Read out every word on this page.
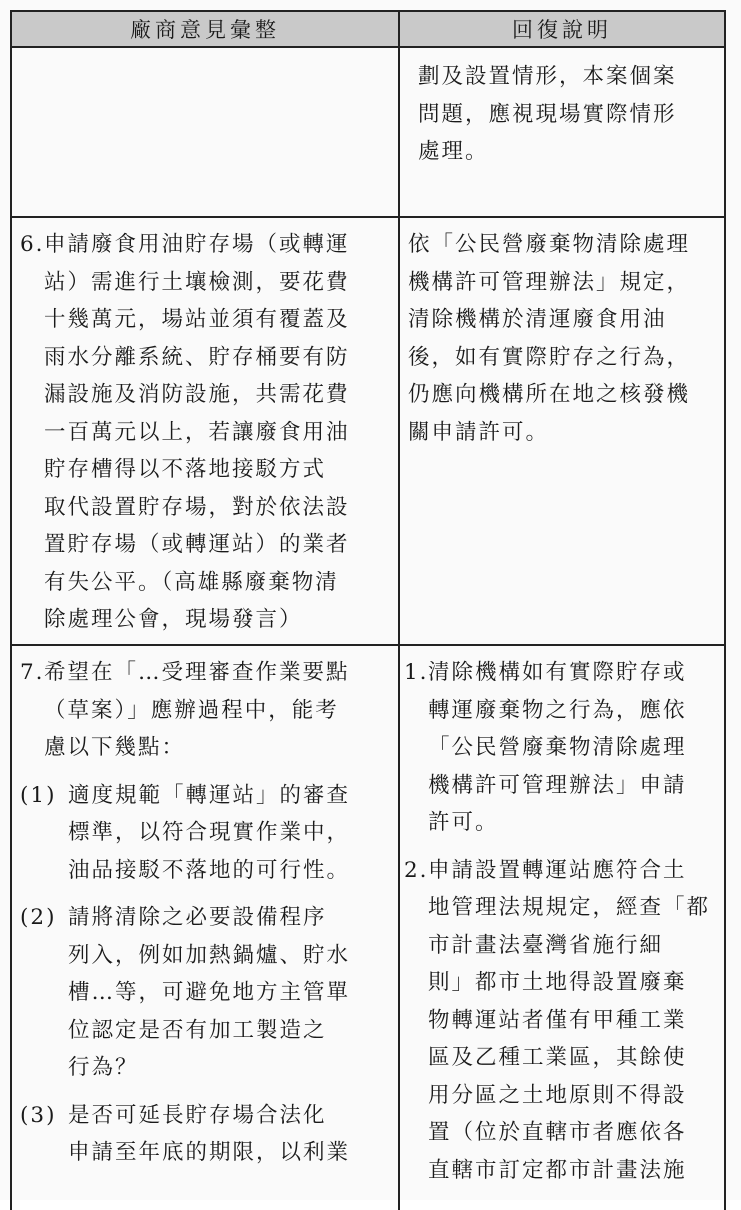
廠商意見彙整	回復說明
劃及設置情形，本案個案
問題，應視現場實際情形
處理。
6.申請廢食用油貯存場（或轉運
站）需進行土壤檢測，要花費
十幾萬元，場站並須有覆蓋及
雨水分離系統、貯存桶要有防
漏設施及消防設施，共需花費
一百萬元以上，若讓廢食用油
貯存槽得以不落地接駁方式
取代設置貯存場，對於依法設
置貯存場（或轉運站）的業者
有失公平。（高雄縣廢棄物清
除處理公會，現場發言）
依「公民營廢棄物清除處理
機構許可管理辦法」規定，
清除機構於清運廢食用油
後，如有實際貯存之行為，
仍應向機構所在地之核發機
關申請許可。
7.希望在「…受理審查作業要點
（草案）」應辦過程中，能考
慮以下幾點：
(1) 適度規範「轉運站」的審查
標準，以符合現實作業中，
油品接駁不落地的可行性。
(2) 請將清除之必要設備程序
列入，例如加熱鍋爐、貯水
槽…等，可避免地方主管單
位認定是否有加工製造之
行為？
(3) 是否可延長貯存場合法化
申請至年底的期限，以利業
1.清除機構如有實際貯存或
轉運廢棄物之行為，應依
「公民營廢棄物清除處理
機構許可管理辦法」申請
許可。
2.申請設置轉運站應符合土
地管理法規規定，經查「都
市計畫法臺灣省施行細
則」都市土地得設置廢棄
物轉運站者僅有甲種工業
區及乙種工業區，其餘使
用分區之土地原則不得設
置（位於直轄市者應依各
直轄市訂定都市計畫法施
